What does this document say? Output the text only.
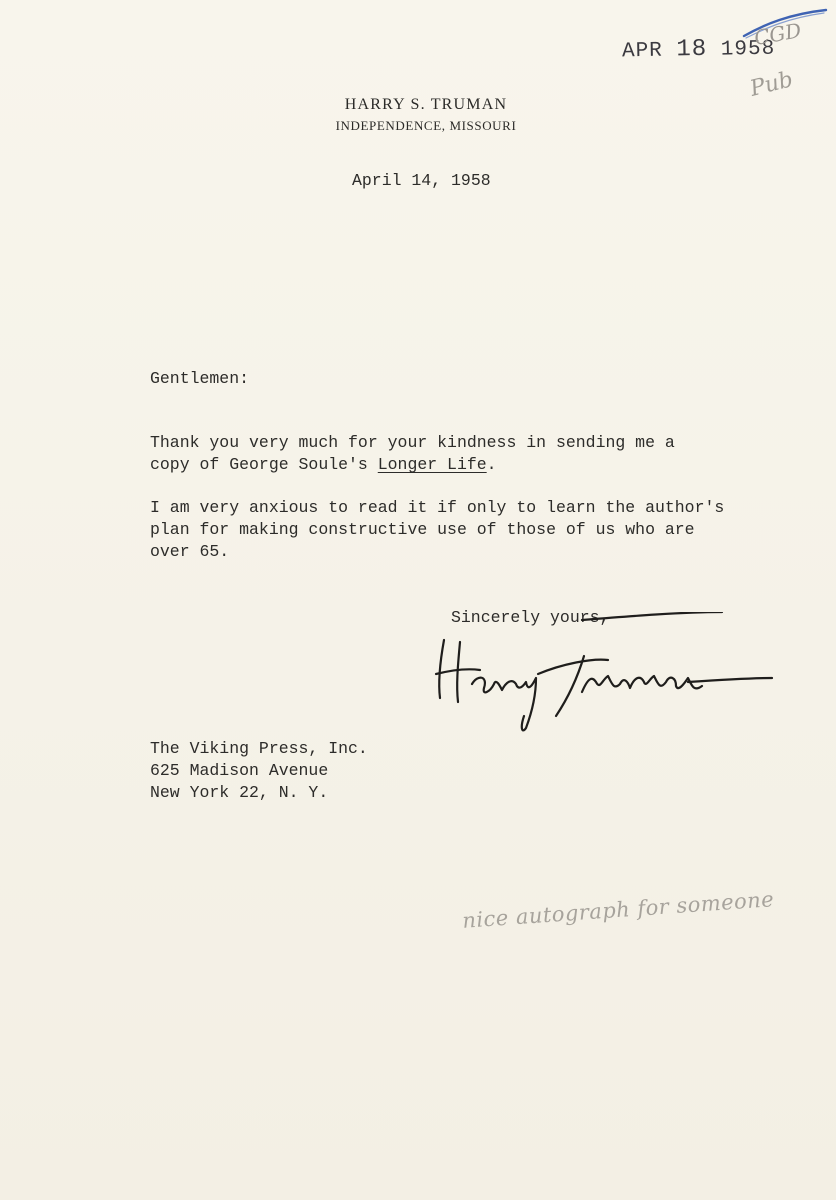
APR 18 1958
CGD
Pub
HARRY S. TRUMAN
INDEPENDENCE, MISSOURI
April 14, 1958
Gentlemen:
Thank you very much for your kindness in sending me a
copy of George Soule's Longer Life.
I am very anxious to read it if only to learn the author's
plan for making constructive use of those of us who are
over 65.
Sincerely yours,
The Viking Press, Inc.
625 Madison Avenue
New York 22, N. Y.
nice autograph for someone
